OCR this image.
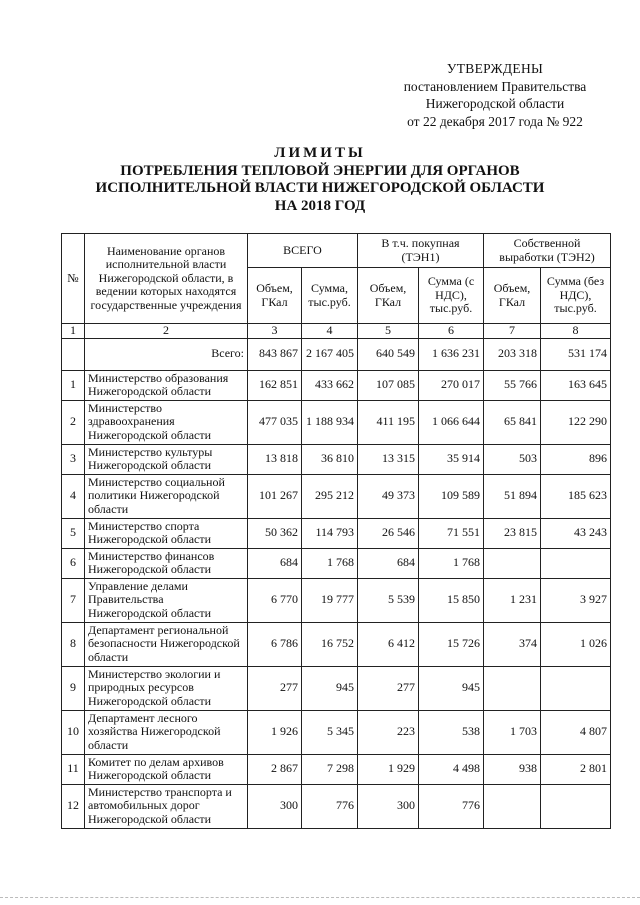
УТВЕРЖДЕНЫ
постановлением Правительства
Нижегородской области
от 22 декабря 2017 года № 922
ЛИМИТЫ
ПОТРЕБЛЕНИЯ ТЕПЛОВОЙ ЭНЕРГИИ ДЛЯ ОРГАНОВ
ИСПОЛНИТЕЛЬНОЙ ВЛАСТИ НИЖЕГОРОДСКОЙ ОБЛАСТИ
НА 2018 ГОД
№	Наименование органов исполнительной власти Нижегородской области, в ведении которых находятся государственные учреждения	ВСЕГО		В т.ч. покупная (ТЭН1)		Собственной выработки (ТЭН2)	
		Объем, ГКал	Сумма, тыс.руб.	Объем, ГКал	Сумма (с НДС), тыс.руб.	Объем, ГКал	Сумма (без НДС), тыс.руб.
1	2	3	4	5	6	7	8
	Всего:	843 867	2 167 405	640 549	1 636 231	203 318	531 174
1	Министерство образования Нижегородской области	162 851	433 662	107 085	270 017	55 766	163 645
2	Министерство здравоохранения Нижегородской области	477 035	1 188 934	411 195	1 066 644	65 841	122 290
3	Министерство культуры Нижегородской области	13 818	36 810	13 315	35 914	503	896
4	Министерство социальной политики Нижегородской области	101 267	295 212	49 373	109 589	51 894	185 623
5	Министерство спорта Нижегородской области	50 362	114 793	26 546	71 551	23 815	43 243
6	Министерство финансов Нижегородской области	684	1 768	684	1 768		
7	Управление делами Правительства Нижегородской области	6 770	19 777	5 539	15 850	1 231	3 927
8	Департамент региональной безопасности Нижегородской области	6 786	16 752	6 412	15 726	374	1 026
9	Министерство экологии и природных ресурсов Нижегородской области	277	945	277	945		
10	Департамент лесного хозяйства Нижегородской области	1 926	5 345	223	538	1 703	4 807
11	Комитет по делам архивов Нижегородской области	2 867	7 298	1 929	4 498	938	2 801
12	Министерство транспорта и автомобильных дорог Нижегородской области	300	776	300	776		
